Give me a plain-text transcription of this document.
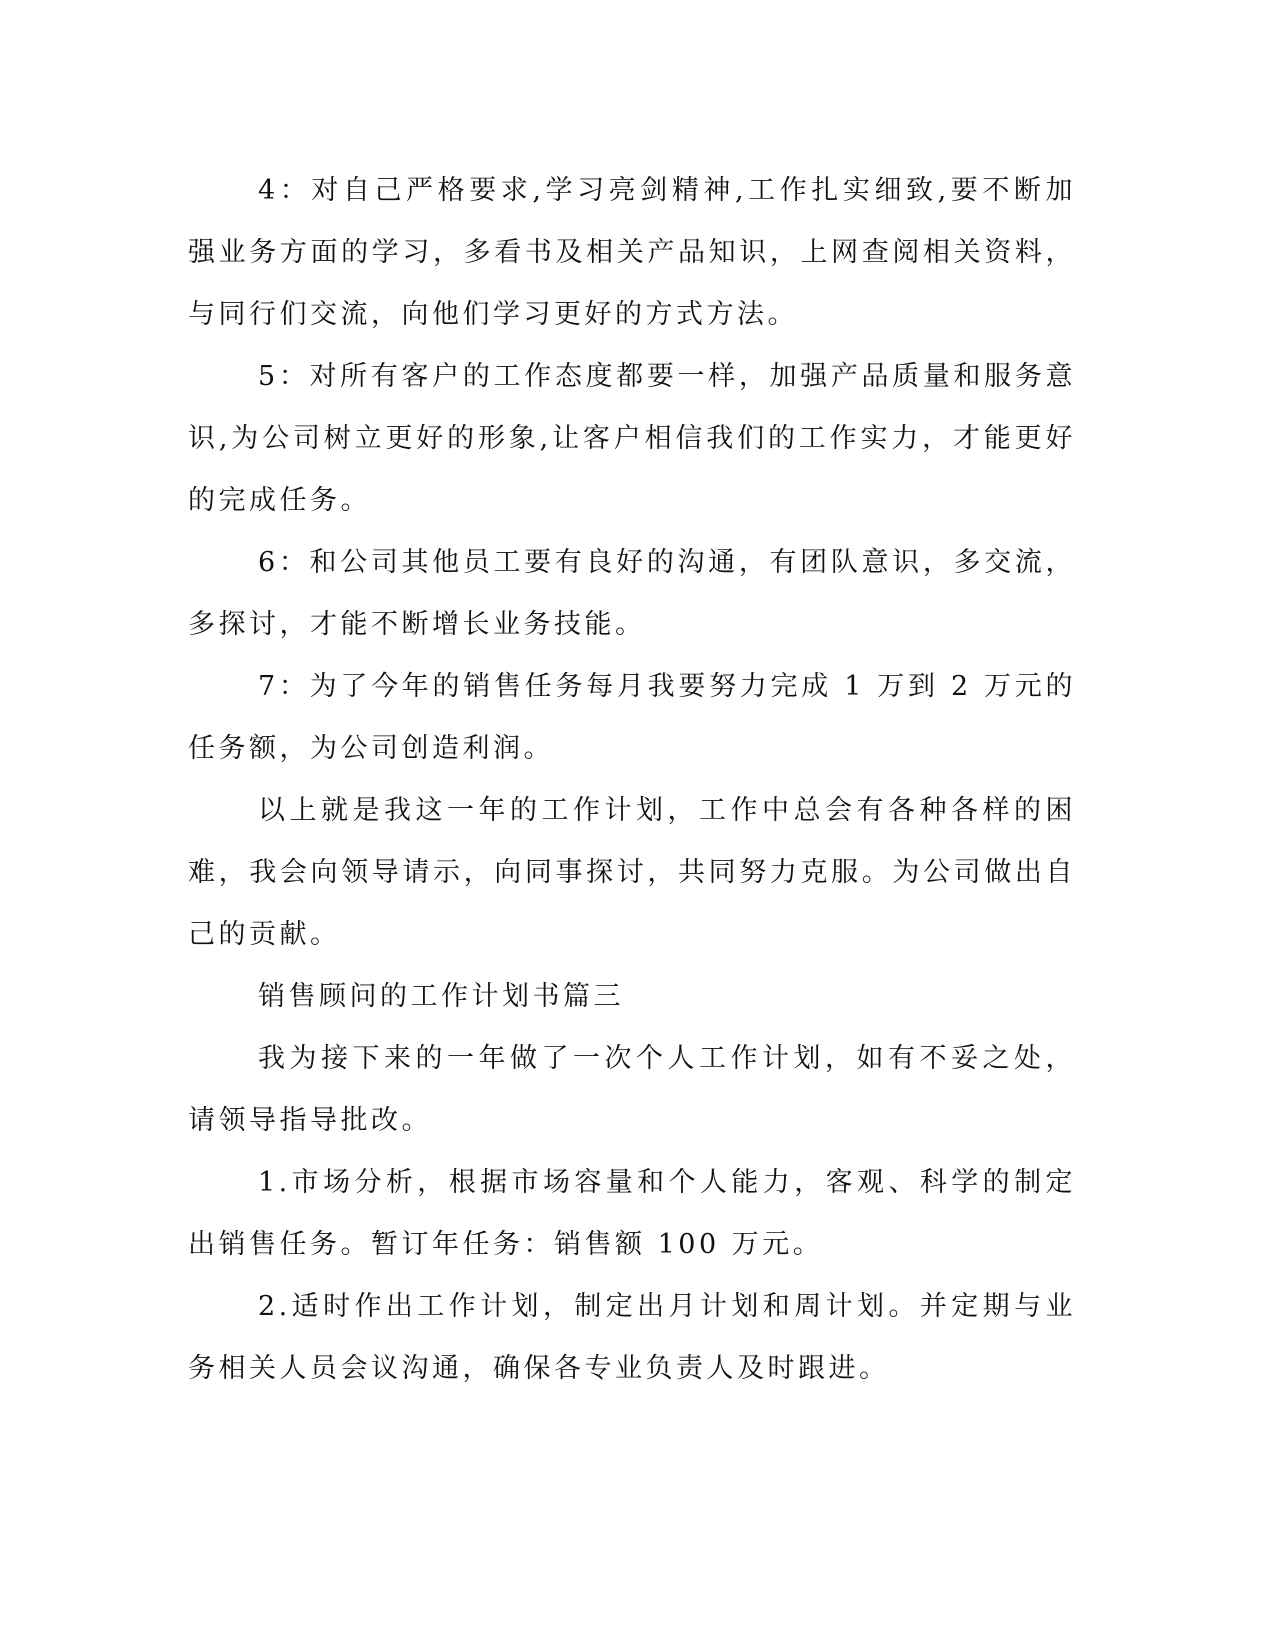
4：对自己严格要求,学习亮剑精神,工作扎实细致,要不断加强业务方面的学习，多看书及相关产品知识，上网查阅相关资料，与同行们交流，向他们学习更好的方式方法。

5：对所有客户的工作态度都要一样，加强产品质量和服务意识,为公司树立更好的形象,让客户相信我们的工作实力，才能更好的完成任务。

6：和公司其他员工要有良好的沟通，有团队意识，多交流，多探讨，才能不断增长业务技能。

7：为了今年的销售任务每月我要努力完成 1 万到 2 万元的任务额，为公司创造利润。

以上就是我这一年的工作计划，工作中总会有各种各样的困难，我会向领导请示，向同事探讨，共同努力克服。为公司做出自己的贡献。

销售顾问的工作计划书篇三

我为接下来的一年做了一次个人工作计划，如有不妥之处，请领导指导批改。

1.市场分析，根据市场容量和个人能力，客观、科学的制定出销售任务。暂订年任务：销售额 100 万元。

2.适时作出工作计划，制定出月计划和周计划。并定期与业务相关人员会议沟通，确保各专业负责人及时跟进。
